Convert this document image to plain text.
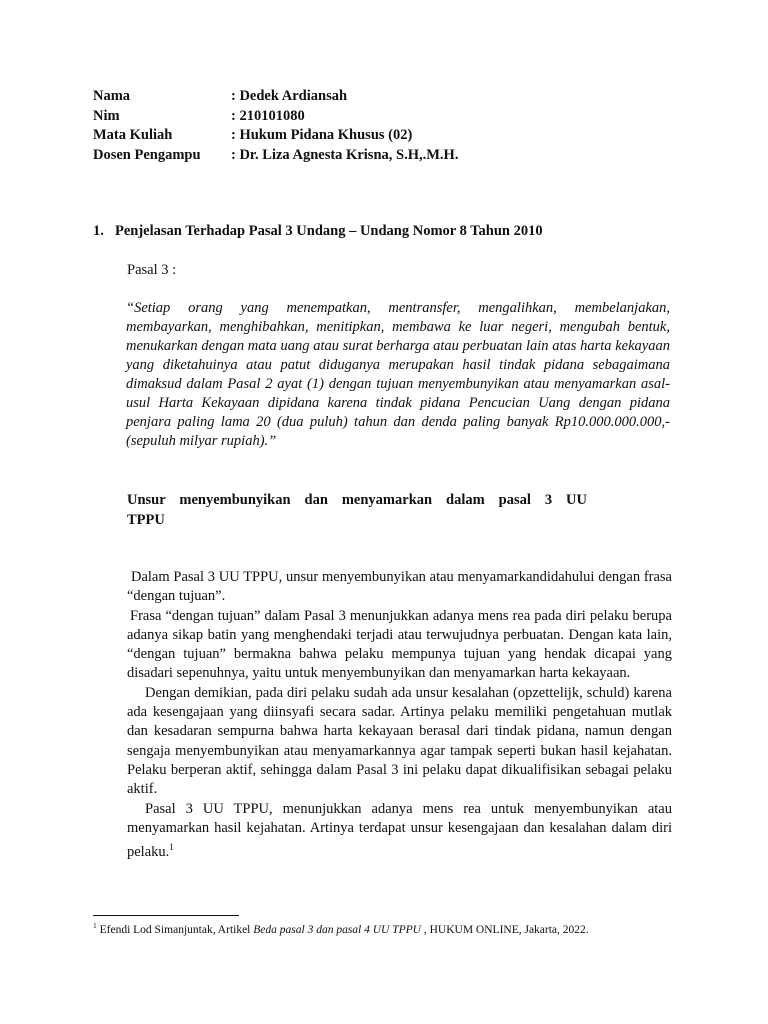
Nama	: Dedek Ardiansah
Nim	: 210101080
Mata Kuliah	: Hukum Pidana Khusus (02)
Dosen Pengampu : Dr. Liza Agnesta Krisna, S.H,.M.H.
1. Penjelasan Terhadap Pasal 3 Undang – Undang Nomor 8 Tahun 2010
Pasal 3 :
“Setiap orang yang menempatkan, mentransfer, mengalihkan, membelanjakan, membayarkan, menghibahkan, menitipkan, membawa ke luar negeri, mengubah bentuk, menukarkan dengan mata uang atau surat berharga atau perbuatan lain atas harta kekayaan yang diketahuinya atau patut diduganya merupakan hasil tindak pidana sebagaimana dimaksud dalam Pasal 2 ayat (1) dengan tujuan menyembunyikan atau menyamarkan asal-usul Harta Kekayaan dipidana karena tindak pidana Pencucian Uang dengan pidana penjara paling lama 20 (dua puluh) tahun dan denda paling banyak Rp10.000.000.000,- (sepuluh milyar rupiah).”
Unsur menyembunyikan dan menyamarkan dalam pasal 3 UU TPPU

Dalam Pasal 3 UU TPPU, unsur menyembunyikan atau menyamarkandidahului dengan frasa “dengan tujuan”.

Frasa “dengan tujuan” dalam Pasal 3 menunjukkan adanya mens rea pada diri pelaku berupa adanya sikap batin yang menghendaki terjadi atau terwujudnya perbuatan. Dengan kata lain, “dengan tujuan” bermakna bahwa pelaku mempunya tujuan yang hendak dicapai yang disadari sepenuhnya, yaitu untuk menyembunyikan dan menyamarkan harta kekayaan.

Dengan demikian, pada diri pelaku sudah ada unsur kesalahan (opzettelijk, schuld) karena ada kesengajaan yang diinsyafi secara sadar. Artinya pelaku memiliki pengetahuan mutlak dan kesadaran sempurna bahwa harta kekayaan berasal dari tindak pidana, namun dengan sengaja menyembunyikan atau menyamarkannya agar tampak seperti bukan hasil kejahatan. Pelaku berperan aktif, sehingga dalam Pasal 3 ini pelaku dapat dikualifisikan sebagai pelaku aktif.

Pasal 3 UU TPPU, menunjukkan adanya mens rea untuk menyembunyikan atau menyamarkan hasil kejahatan. Artinya terdapat unsur kesengajaan dan kesalahan dalam diri pelaku.$^1$

$^1$ Efendi Lod Simanjuntak, Artikel Beda pasal 3 dan pasal 4 UU TPPU , HUKUM ONLINE, Jakarta, 2022.
